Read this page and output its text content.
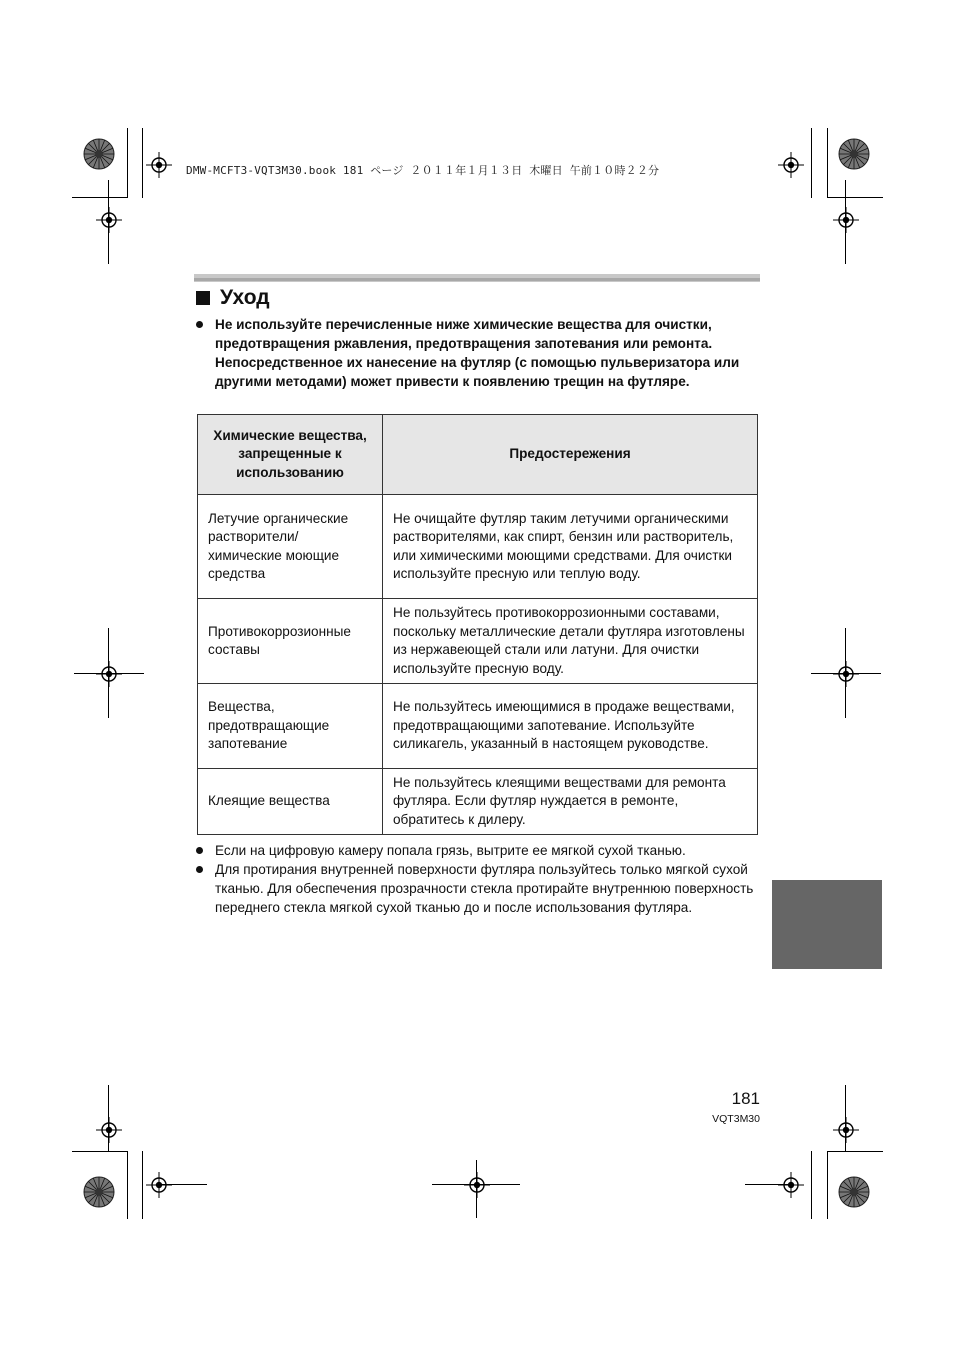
DMW-MCFT3-VQT3M30.book 181 ページ ２０１１年１月１３日 木曜日 午前１０時２２分
Уход
Не используйте перечисленные ниже химические вещества для очистки, предотвращения ржавления, предотвращения запотевания или ремонта. Непосредственное их нанесение на футляр (с помощью пульверизатора или другими методами) может привести к появлению трещин на футляре.
Химические вещества, запрещенные к использованию	Предостережения
Летучие органические растворители/ химические моющие средства	Не очищайте футляр таким летучими органическими растворителями, как спирт, бензин или растворитель, или химическими моющими средствами. Для очистки используйте пресную или теплую воду.
Противокоррозионные составы	Не пользуйтесь противокоррозионными составами, поскольку металлические детали футляра изготовлены из нержавеющей стали или латуни. Для очистки используйте пресную воду.
Вещества, предотвращающие запотевание	Не пользуйтесь имеющимися в продаже веществами, предотвращающими запотевание. Используйте силикагель, указанный в настоящем руководстве.
Клеящие вещества	Не пользуйтесь клеящими веществами для ремонта футляра. Если футляр нуждается в ремонте, обратитесь к дилеру.
Если на цифровую камеру попала грязь, вытрите ее мягкой сухой тканью.
Для протирания внутренней поверхности футляра пользуйтесь только мягкой сухой тканью. Для обеспечения прозрачности стекла протирайте внутреннюю поверхность переднего стекла мягкой сухой тканью до и после использования футляра.
181
VQT3M30
